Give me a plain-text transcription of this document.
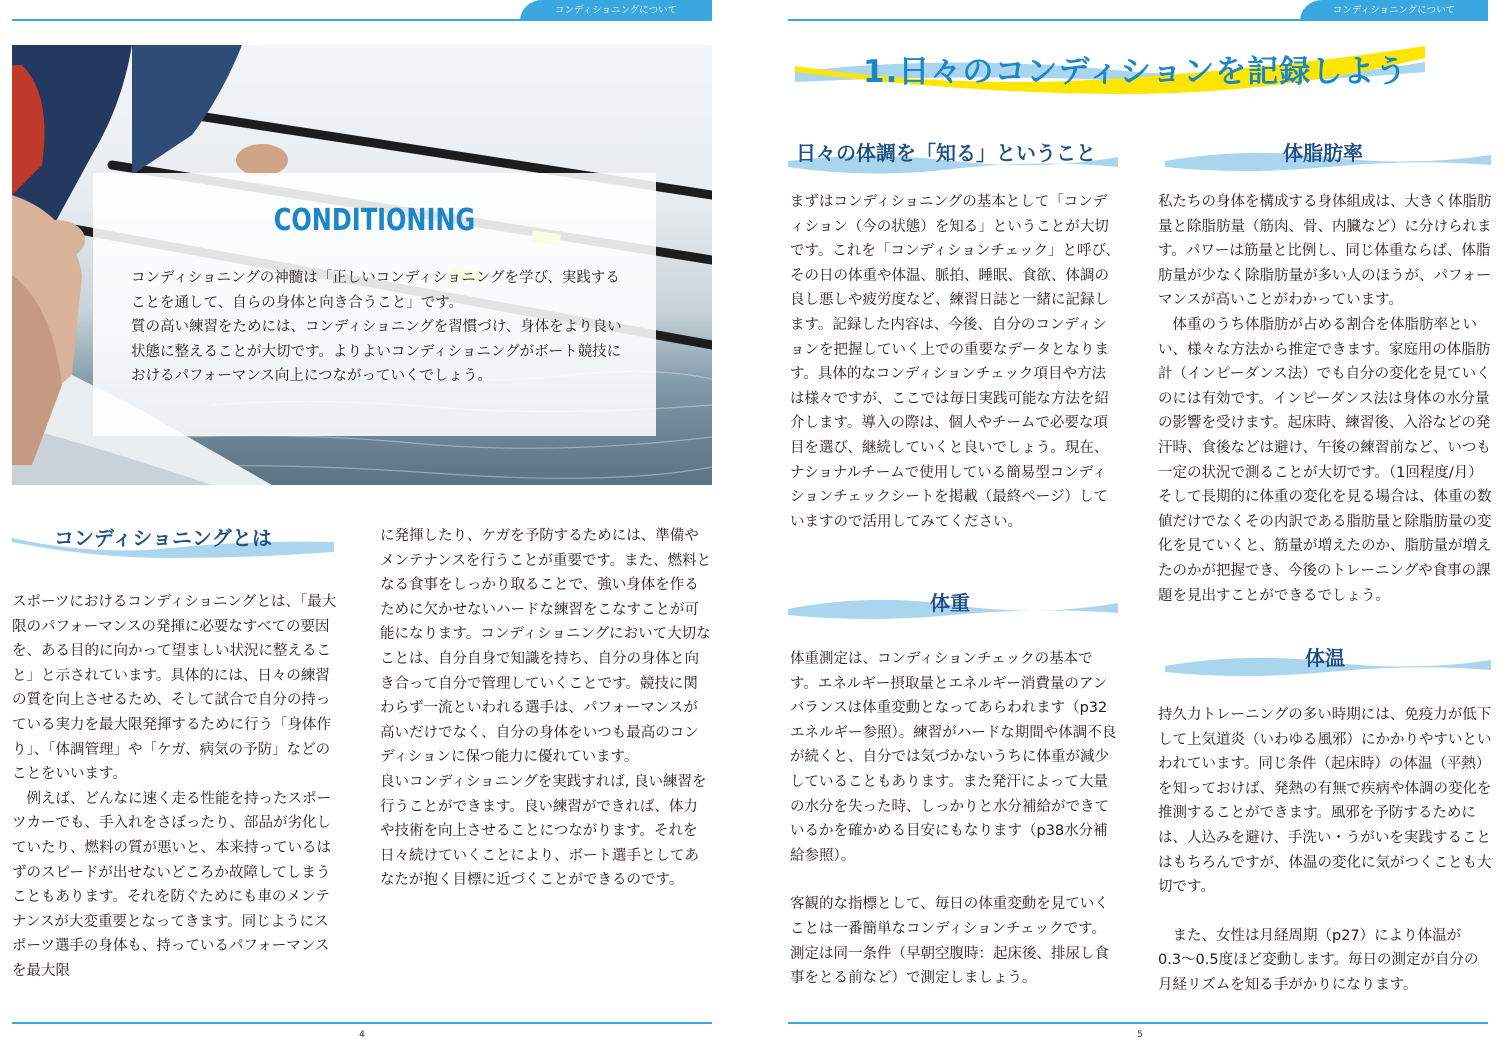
コンディショニングについて
CONDITIONING
コンディショニングの神髄は「正しいコンディショニングを学び、実践することを通して、自らの身体と向き合うこと」です。
質の高い練習をためには、コンディショニングを習慣づけ、身体をより良い状態に整えることが大切です。よりよいコンディショニングがボート競技におけるパフォーマンス向上につながっていくでしょう。
コンディショニングとは

スポーツにおけるコンディショニングとは、「最大限のパフォーマンスの発揮に必要なすべての要因を、ある目的に向かって望ましい状況に整えること」と示されています。具体的には、日々の練習の質を向上させるため、そして試合で自分の持っている実力を最大限発揮するために行う「身体作り」、「体調管理」や「ケガ、病気の予防」などのことをいいます。

例えば、どんなに速く走る性能を持ったスポーツカーでも、手入れをさぼったり、部品が劣化していたり、燃料の質が悪いと、本来持っているはずのスピードが出せないどころか故障してしまうこともあります。それを防ぐためにも車のメンテナンスが大変重要となってきます。同じようにスポーツ選手の身体も、持っているパフォーマンスを最大限

に発揮したり、ケガを予防するためには、準備やメンテナンスを行うことが重要です。また、燃料となる食事をしっかり取ることで、強い身体を作るために欠かせないハードな練習をこなすことが可能になります。コンディショニングにおいて大切なことは、自分自身で知識を持ち、自分の身体と向き合って自分で管理していくことです。競技に関わらず一流といわれる選手は、パフォーマンスが高いだけでなく、自分の身体をいつも最高のコンディションに保つ能力に優れています。

良いコンディショニングを実践すれば, 良い練習を行うことができます。良い練習ができれば、体力や技術を向上させることにつながります。それを日々続けていくことにより、ボート選手としてあなたが抱く目標に近づくことができるのです。

4
コンディショニングについて
5
1.日々のコンディションを記録しよう
日々の体調を「知る」ということ

まずはコンディショニングの基本として「コンディション（今の状態）を知る」ということが大切です。これを「コンディションチェック」と呼び、その日の体重や体温、脈拍、睡眠、食欲、体調の良し悪しや疲労度など、練習日誌と一緒に記録します。記録した内容は、今後、自分のコンディションを把握していく上での重要なデータとなります。具体的なコンディションチェック項目や方法は様々ですが、ここでは毎日実践可能な方法を紹介します。導入の際は、個人やチームで必要な項目を選び、継続していくと良いでしょう。現在、ナショナルチームで使用している簡易型コンディションチェックシートを掲載（最終ページ）していますので活用してみてください。

体重

体重測定は、コンディションチェックの基本です。エネルギー摂取量とエネルギー消費量のアンバランスは体重変動となってあらわれます（p32エネルギー参照）。練習がハードな期間や体調不良が続くと、自分では気づかないうちに体重が減少していることもあります。また発汗によって大量の水分を失った時、しっかりと水分補給ができているかを確かめる目安にもなります（p38水分補給参照）。

客観的な指標として、毎日の体重変動を見ていくことは一番簡単なコンディションチェックです。測定は同一条件（早朝空腹時：起床後、排尿し食事をとる前など）で測定しましょう。

体脂肪率

私たちの身体を構成する身体組成は、大きく体脂肪量と除脂肪量（筋肉、骨、内臓など）に分けられます。パワーは筋量と比例し、同じ体重ならば、体脂肪量が少なく除脂肪量が多い人のほうが、パフォーマンスが高いことがわかっています。

体重のうち体脂肪が占める割合を体脂肪率といい、様々な方法から推定できます。家庭用の体脂肪計（インピーダンス法）でも自分の変化を見ていくのには有効です。インピーダンス法は身体の水分量の影響を受けます。起床時、練習後、入浴などの発汗時、食後などは避け、午後の練習前など、いつも一定の状況で測ることが大切です。（1回程度/月）そして長期的に体重の変化を見る場合は、体重の数値だけでなくその内訳である脂肪量と除脂肪量の変化を見ていくと、筋量が増えたのか、脂肪量が増えたのかが把握でき、今後のトレーニングや食事の課題を見出すことができるでしょう。

体温

持久力トレーニングの多い時期には、免疫力が低下して上気道炎（いわゆる風邪）にかかりやすいといわれています。同じ条件（起床時）の体温（平熱）を知っておけば、発熱の有無で疾病や体調の変化を推測することができます。風邪を予防するためには、人込みを避け、手洗い・うがいを実践することはもちろんですが、体温の変化に気がつくことも大切です。

また、女性は月経周期（p27）により体温が0.3〜0.5度ほど変動します。毎日の測定が自分の月経リズムを知る手がかりになります。
